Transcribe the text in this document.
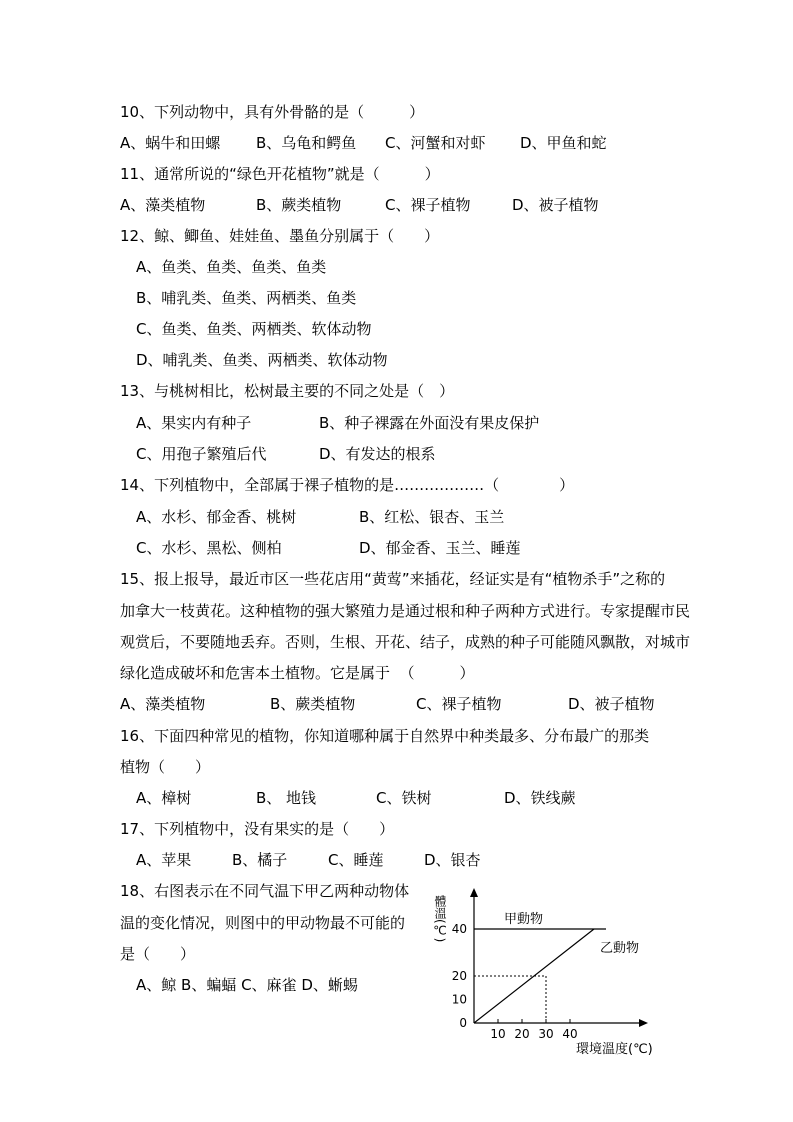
10、下列动物中，具有外骨骼的是（　　　）

A、蜗牛和田螺

B、乌龟和鳄鱼

C、河蟹和对虾

D、甲鱼和蛇

11、通常所说的“绿色开花植物”就是（　　　）

A、藻类植物

	B、蕨类植物

	C、裸子植物

	D、被子植物

12、鲸、鲫鱼、娃娃鱼、墨鱼分别属于（　　）
A、鱼类、鱼类、鱼类、鱼类
B、哺乳类、鱼类、两栖类、鱼类
C、鱼类、鱼类、两栖类、软体动物
D、哺乳类、鱼类、两栖类、软体动物
13、与桃树相比，松树最主要的不同之处是（　）

A、果实内有种子

	B、种子裸露在外面没有果皮保护

C、用孢子繁殖后代

	D、有发达的根系

14、下列植物中，全部属于裸子植物的是………………（　　　　）

A、水杉、郁金香、桃树

	B、红松、银杏、玉兰

C、水杉、黑松、侧柏

	D、郁金香、玉兰、睡莲

15、报上报导，最近市区一些花店用“黄莺”来插花，经证实是有“植物杀手”之称的
加拿大一枝黄花。这种植物的强大繁殖力是通过根和种子两种方式进行。专家提醒市民
观赏后，不要随地丢弃。否则，生根、开花、结子，成熟的种子可能随风飘散，对城市
绿化造成破坏和危害本土植物。它是属于  （　　　）

A、藻类植物

	B、蕨类植物

	C、裸子植物

	D、被子植物

16、下面四种常见的植物，你知道哪种属于自然界中种类最多、分布最广的那类
植物（　　）

A、樟树

	B、 地钱

	C、铁树

	D、铁线蕨

17、下列植物中，没有果实的是（　　）

A、苹果

	B、橘子

	C、睡莲

	D、银杏

18、右图表示在不同气温下甲乙两种动物体
温的变化情况，则图中的甲动物最不可能的
是（　　）
A、鲸 B、蝙蝠 C、麻雀 D、蜥蜴
10 20 30 40
0
10
20
40
體溫(℃)
環境溫度(℃)
甲動物
乙動物
